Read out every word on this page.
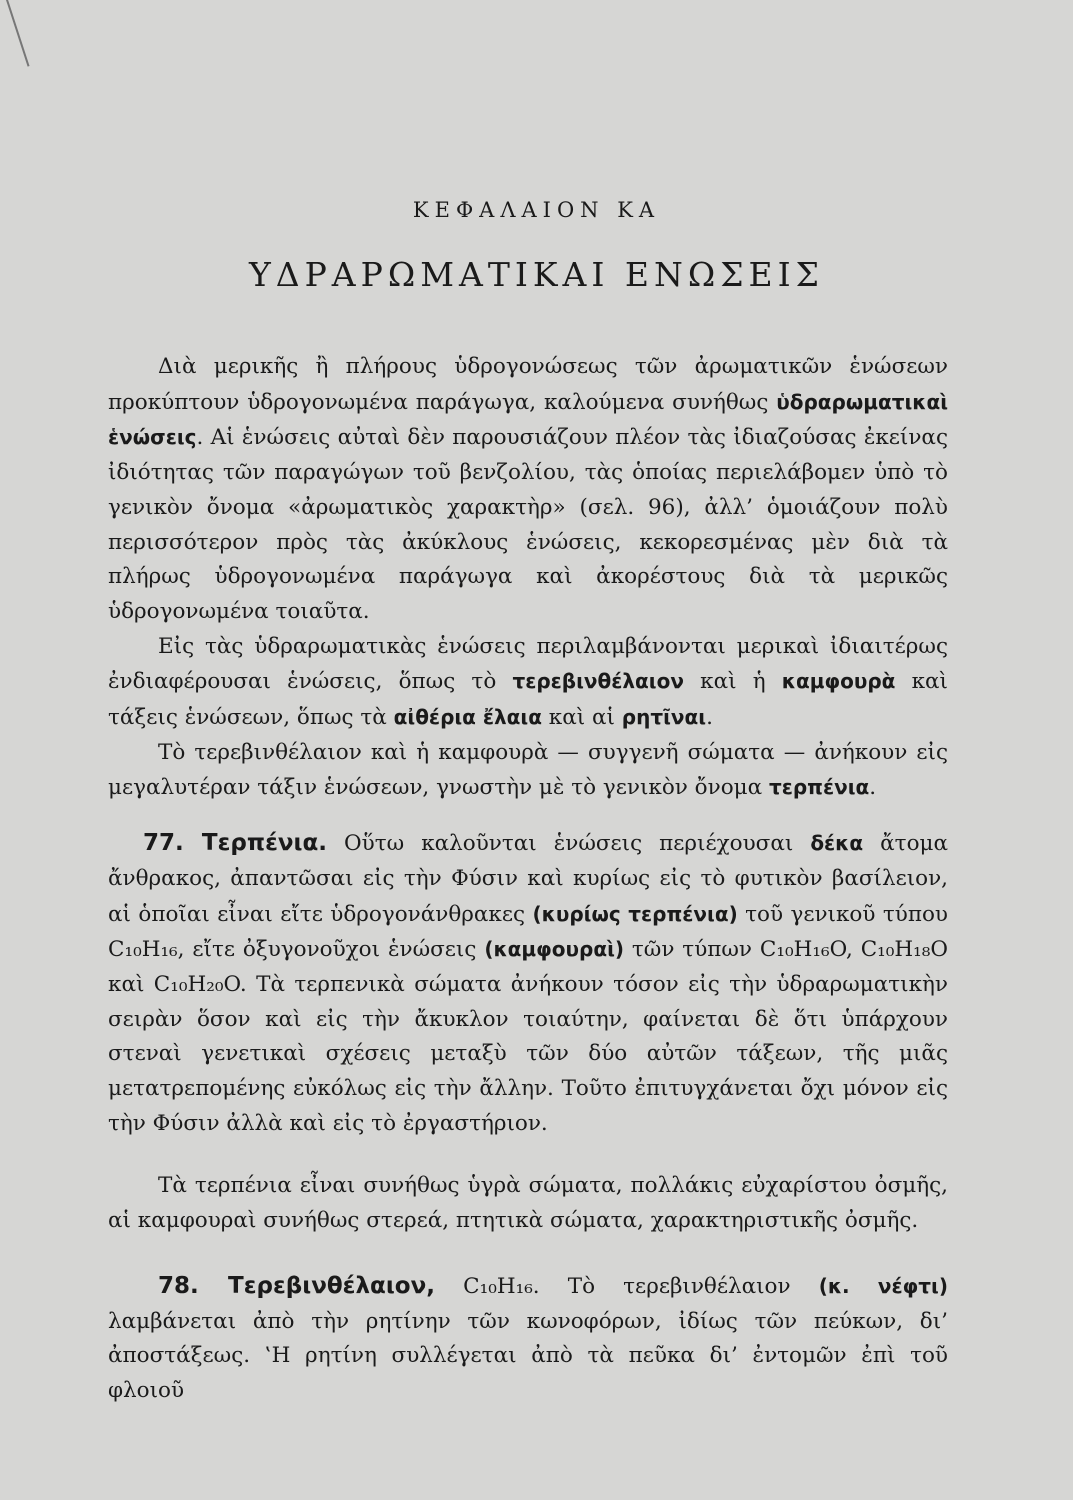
ΚΕΦΑΛΑΙΟΝ ΚΑ
ΥΔΡΑΡΩΜΑΤΙΚΑΙ ΕΝΩΣΕΙΣ

Διὰ μερικῆς ἢ πλήρους ὑδρογονώσεως τῶν ἀρωματικῶν ἑνώσεων προκύπτουν ὑδρογονωμένα παράγωγα, καλούμενα συνήθως ὑδραρωματικαὶ ἑνώσεις. Αἱ ἑνώσεις αὐταὶ δὲν παρουσιάζουν πλέον τὰς ἰδιαζούσας ἐκείνας ἰδιότητας τῶν παραγώγων τοῦ βενζολίου, τὰς ὁποίας περιελάβομεν ὑπὸ τὸ γενικὸν ὄνομα «ἀρωματικὸς χαρακτὴρ» (σελ. 96), ἀλλ’ ὁμοιάζουν πολὺ περισσότερον πρὸς τὰς ἀκύκλους ἑνώσεις, κεκορεσμένας μὲν διὰ τὰ πλήρως ὑδρογονωμένα παράγωγα καὶ ἀκορέστους διὰ τὰ μερικῶς ὑδρογονωμένα τοιαῦτα.

Εἰς τὰς ὑδραρωματικὰς ἑνώσεις περιλαμβάνονται μερικαὶ ἰδιαιτέρως ἐνδιαφέρουσαι ἑνώσεις, ὅπως τὸ τερεβινθέλαιον καὶ ἡ καμφουρὰ καὶ τάξεις ἑνώσεων, ὅπως τὰ αἰθέρια ἔλαια καὶ αἱ ρητῖναι.

Τὸ τερεβινθέλαιον καὶ ἡ καμφουρὰ — συγγενῆ σώματα — ἀνήκουν εἰς μεγαλυτέραν τάξιν ἑνώσεων, γνωστὴν μὲ τὸ γενικὸν ὄνομα τερπένια.

77. Τερπένια. Οὕτω καλοῦνται ἑνώσεις περιέχουσαι δέκα ἄτομα ἄνθρακος, ἀπαντῶσαι εἰς τὴν Φύσιν καὶ κυρίως εἰς τὸ φυτικὸν βασίλειον, αἱ ὁποῖαι εἶναι εἴτε ὑδρογονάνθρακες (κυρίως τερπένια) τοῦ γενικοῦ τύπου C₁₀H₁₆, εἴτε ὀξυγονοῦχοι ἑνώσεις (καμφουραὶ) τῶν τύπων C₁₀H₁₆O, C₁₀H₁₈O καὶ C₁₀H₂₀O. Τὰ τερπενικὰ σώματα ἀνήκουν τόσον εἰς τὴν ὑδραρωματικὴν σειρὰν ὅσον καὶ εἰς τὴν ἄκυκλον τοιαύτην, φαίνεται δὲ ὅτι ὑπάρχουν στεναὶ γενετικαὶ σχέσεις μεταξὺ τῶν δύο αὐτῶν τάξεων, τῆς μιᾶς μετατρεπομένης εὐκόλως εἰς τὴν ἄλλην. Τοῦτο ἐπιτυγχάνεται ὄχι μόνον εἰς τὴν Φύσιν ἀλλὰ καὶ εἰς τὸ ἐργαστήριον.

Τὰ τερπένια εἶναι συνήθως ὑγρὰ σώματα, πολλάκις εὐχαρίστου ὀσμῆς, αἱ καμφουραὶ συνήθως στερεά, πτητικὰ σώματα, χαρακτηριστικῆς ὀσμῆς.

78. Τερεβινθέλαιον, C₁₀H₁₆. Τὸ τερεβινθέλαιον (κ. νέφτι) λαμβάνεται ἀπὸ τὴν ρητίνην τῶν κωνοφόρων, ἰδίως τῶν πεύκων, δι’ ἀποστάξεως. ‛Η ρητίνη συλλέγεται ἀπὸ τὰ πεῦκα δι’ ἐντομῶν ἐπὶ τοῦ φλοιοῦ
